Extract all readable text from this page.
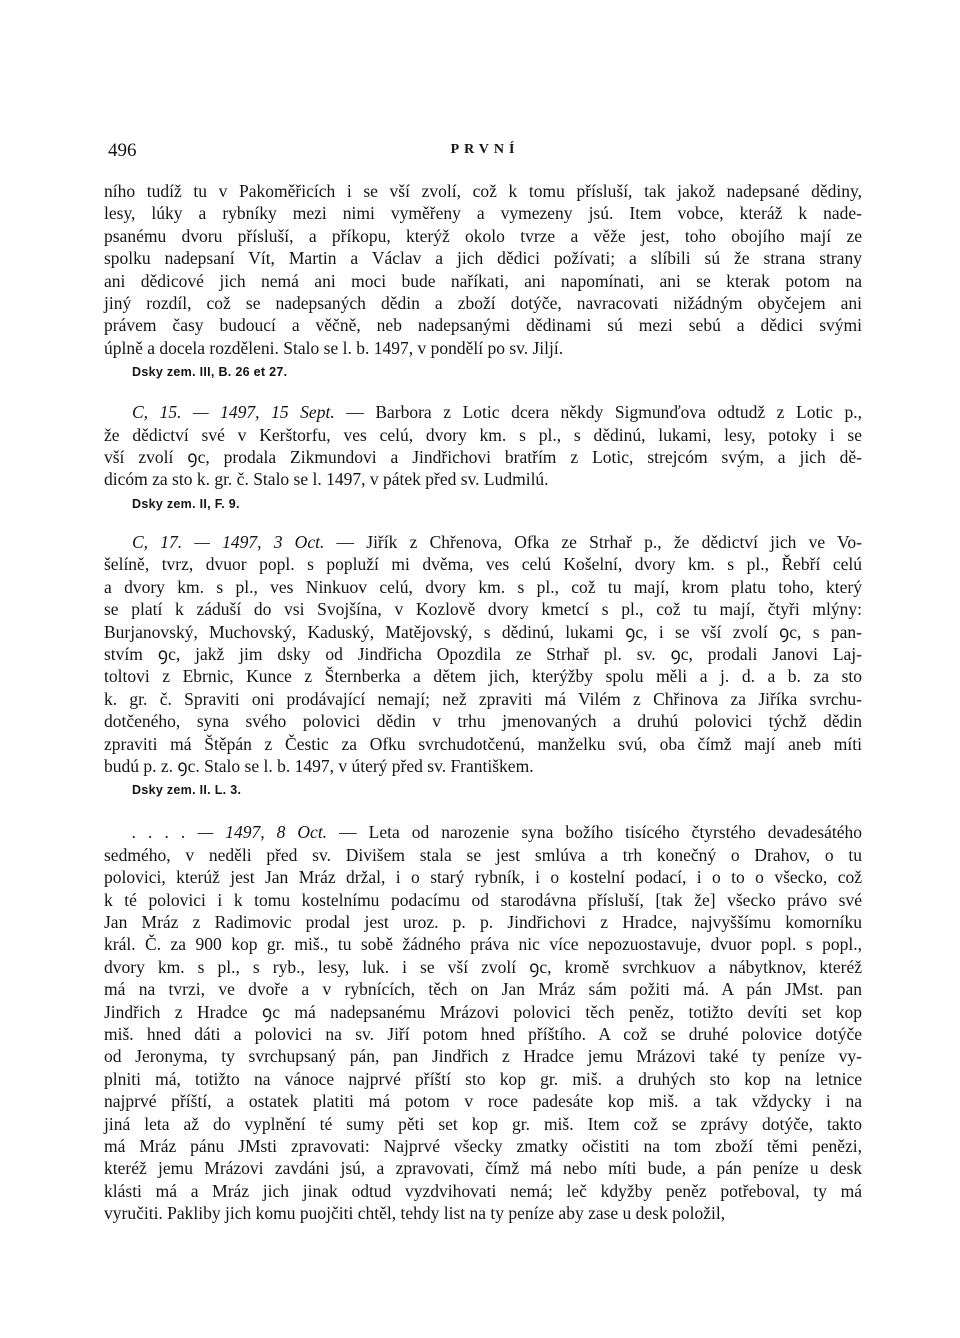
496	PRVNÍ
ního tudíž tu v Pakoměřicích i se vší zvolí, což k tomu přísluší, tak jakož nadepsané dědiny,
lesy, lúky a rybníky mezi nimi vyměřeny a vymezeny jsú. Item vobce, kteráž k nade-
psanému dvoru přísluší, a příkopu, kterýž okolo tvrze a věže jest, toho obojího mají ze
spolku nadepsaní Vít, Martin a Václav a jich dědici požívati; a slíbili sú že strana strany
ani dědicové jich nemá ani moci bude naříkati, ani napomínati, ani se kterak potom na
jiný rozdíl, což se nadepsaných dědin a zboží dotýče, navracovati nižádným obyčejem ani
právem časy budoucí a věčně, neb nadepsanými dědinami sú mezi sebú a dědici svými
úplně a docela rozděleni. Stalo se l. b. 1497, v pondělí po sv. Jiljí.
Dsky zem. III, B. 26 et 27.
C, 15. — 1497, 15 Sept. — Barbora z Lotic dcera někdy Sigmunďova odtudž z Lotic p.,
že dědictví své v Kerštorfu, ves celú, dvory km. s pl., s dědinú, lukami, lesy, potoky i se
vší zvolí ꝯc, prodala Zikmundovi a Jindřichovi bratřím z Lotic, strejcóm svým, a jich dě-
dicóm za sto k. gr. č. Stalo se l. 1497, v pátek před sv. Ludmilú.
Dsky zem. II, F. 9.
C, 17. — 1497, 3 Oct. — Jiřík z Chřenova, Ofka ze Strhař p., že dědictví jich ve Vo-
šelíně, tvrz, dvuor popl. s popluží mi dvěma, ves celú Košelní, dvory km. s pl., Řebří celú
a dvory km. s pl., ves Ninkuov celú, dvory km. s pl., což tu mají, krom platu toho, který
se platí k záduší do vsi Svojšína, v Kozlově dvory kmetcí s pl., což tu mají, čtyři mlýny:
Burjanovský, Muchovský, Kaduský, Matějovský, s dědinú, lukami ꝯc, i se vší zvolí ꝯc, s pan-
stvím ꝯc, jakž jim dsky od Jindřicha Opozdila ze Strhař pl. sv. ꝯc, prodali Janovi Laj-
toltovi z Ebrnic, Kunce z Šternberka a dětem jich, kterýžby spolu měli a j. d. a b. za sto
k. gr. č. Spraviti oni prodávající nemají; než zpraviti má Vilém z Chřinova za Jiříka svrchu-
dotčeného, syna svého polovici dědin v trhu jmenovaných a druhú polovici týchž dědin
zpraviti má Štěpán z Čestic za Ofku svrchudotčenú, manželku svú, oba čímž mají aneb míti
budú p. z. ꝯc. Stalo se l. b. 1497, v úterý před sv. Františkem.
Dsky zem. II. L. 3.
. . . . — 1497, 8 Oct. — Leta od narozenie syna božího tisícého čtyrstého devadesátého
sedmého, v neděli před sv. Divišem stala se jest smlúva a trh konečný o Drahov, o tu
polovici, kterúž jest Jan Mráz držal, i o starý rybník, i o kostelní podací, i o to o všecko, což
k té polovici i k tomu kostelnímu podacímu od starodávna přísluší, [tak že] všecko právo své
Jan Mráz z Radimovic prodal jest uroz. p. p. Jindřichovi z Hradce, najvyššímu komorníku
král. Č. za 900 kop gr. miš., tu sobě žádného práva nic více nepozuostavuje, dvuor popl. s popl.,
dvory km. s pl., s ryb., lesy, luk. i se vší zvolí ꝯc, kromě svrchkuov a nábytknov, kteréž
má na tvrzi, ve dvoře a v rybnících, těch on Jan Mráz sám požiti má. A pán JMst. pan
Jindřich z Hradce ꝯc má nadepsanému Mrázovi polovici těch peněz, totižto devíti set kop
miš. hned dáti a polovici na sv. Jiří potom hned příštího. A což se druhé polovice dotýče
od Jeronyma, ty svrchupsaný pán, pan Jindřich z Hradce jemu Mrázovi také ty peníze vy-
plniti má, totižto na vánoce najprvé příští sto kop gr. miš. a druhých sto kop na letnice
najprvé příští, a ostatek platiti má potom v roce padesáte kop miš. a tak vždycky i na
jiná leta až do vyplnění té sumy pěti set kop gr. miš. Item což se zprávy dotýče, takto
má Mráz pánu JMsti zpravovati: Najprvé všecky zmatky očistiti na tom zboží těmi penězi,
kteréž jemu Mrázovi zavdáni jsú, a zpravovati, čímž má nebo míti bude, a pán peníze u desk
klásti má a Mráz jich jinak odtud vyzdvihovati nemá; leč kdyžby peněz potřeboval, ty má
vyručiti. Pakliby jich komu puojčiti chtěl, tehdy list na ty peníze aby zase u desk položil,
